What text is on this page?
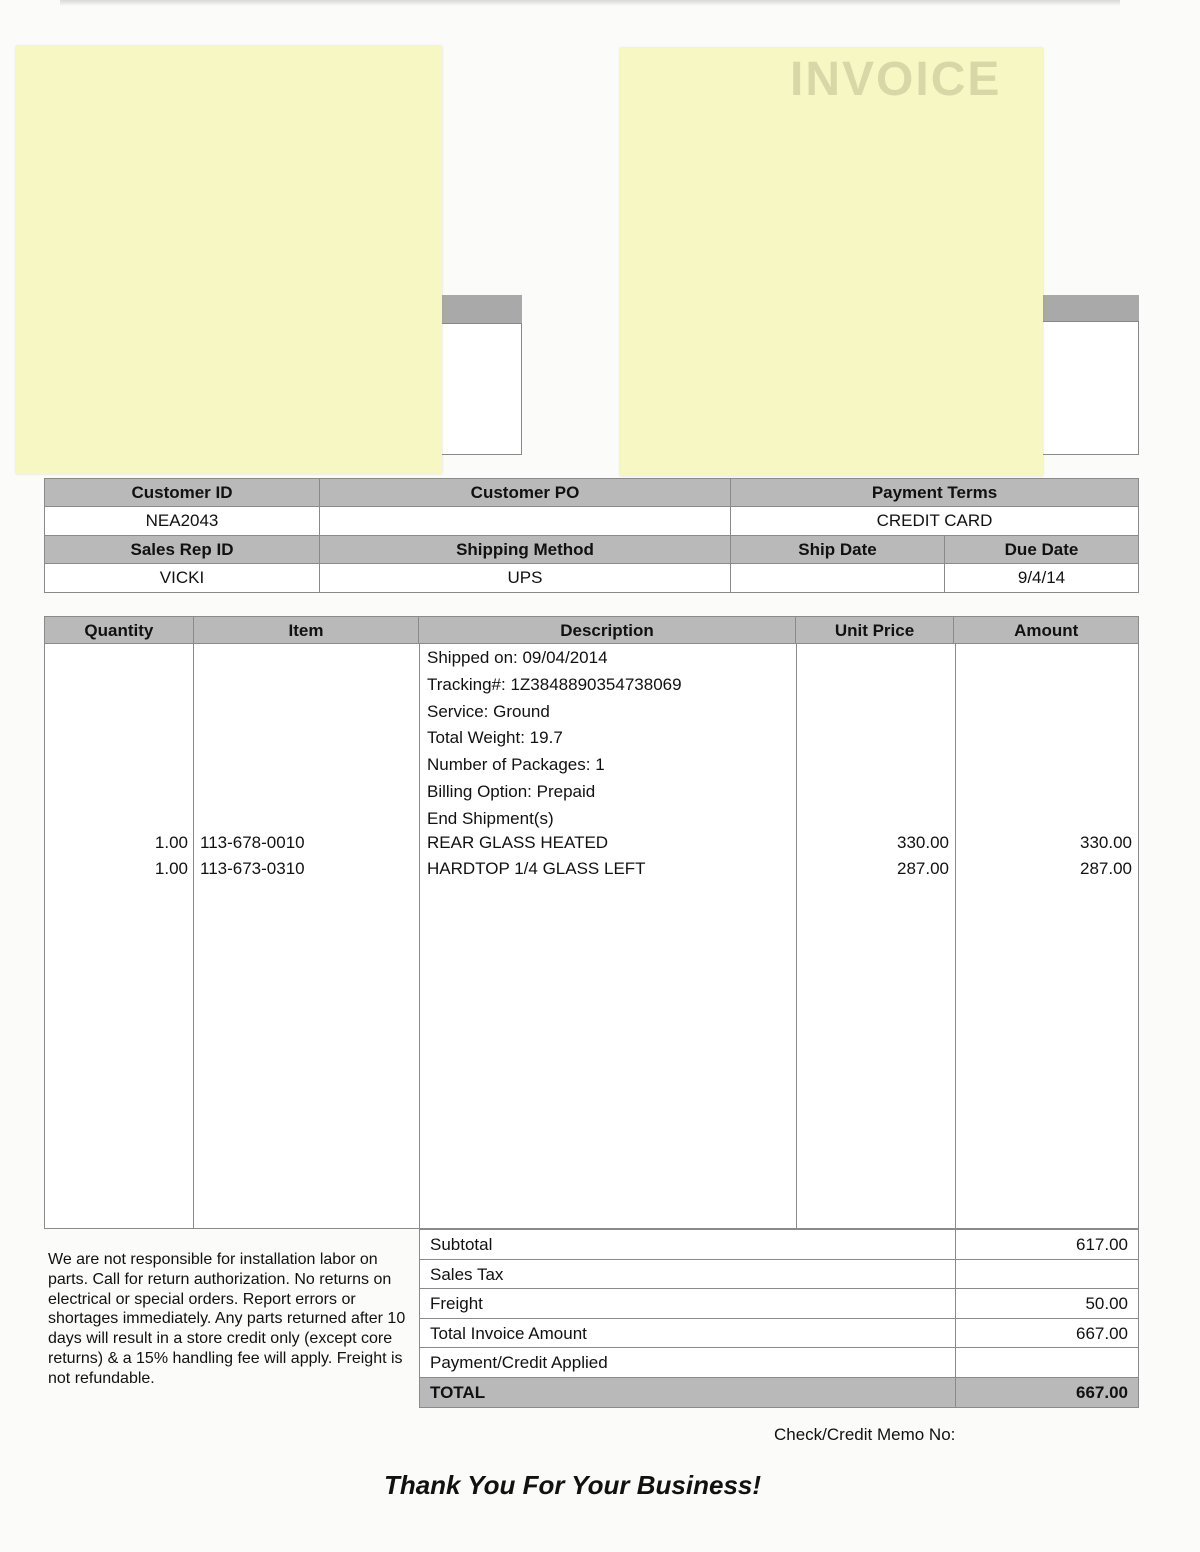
INVOICE
Customer ID	Customer PO	Payment Terms	
NEA2043		CREDIT CARD	
Sales Rep ID	Shipping Method	Ship Date	Due Date
VICKI	UPS		9/4/14
Quantity	Item	Description	Unit Price	Amount
Shipped on: 09/04/2014
Tracking#: 1Z3848890354738069
Service: Ground
Total Weight: 19.7
Number of Packages: 1
Billing Option: Prepaid
End Shipment(s)
1.00 113-678-0010	REAR GLASS HEATED	330.00	330.00
1.00 113-673-0310	HARDTOP 1/4 GLASS LEFT	287.00	287.00
We are not responsible for installation labor on parts. Call for return authorization. No returns on electrical or special orders. Report errors or shortages immediately. Any parts returned after 10 days will result in a store credit only (except core returns) & a 15% handling fee will apply. Freight is not refundable.
Subtotal	617.00
Sales Tax
Freight	50.00
Total Invoice Amount	667.00
Payment/Credit Applied
TOTAL	667.00
Check/Credit Memo No:
Thank You For Your Business!
